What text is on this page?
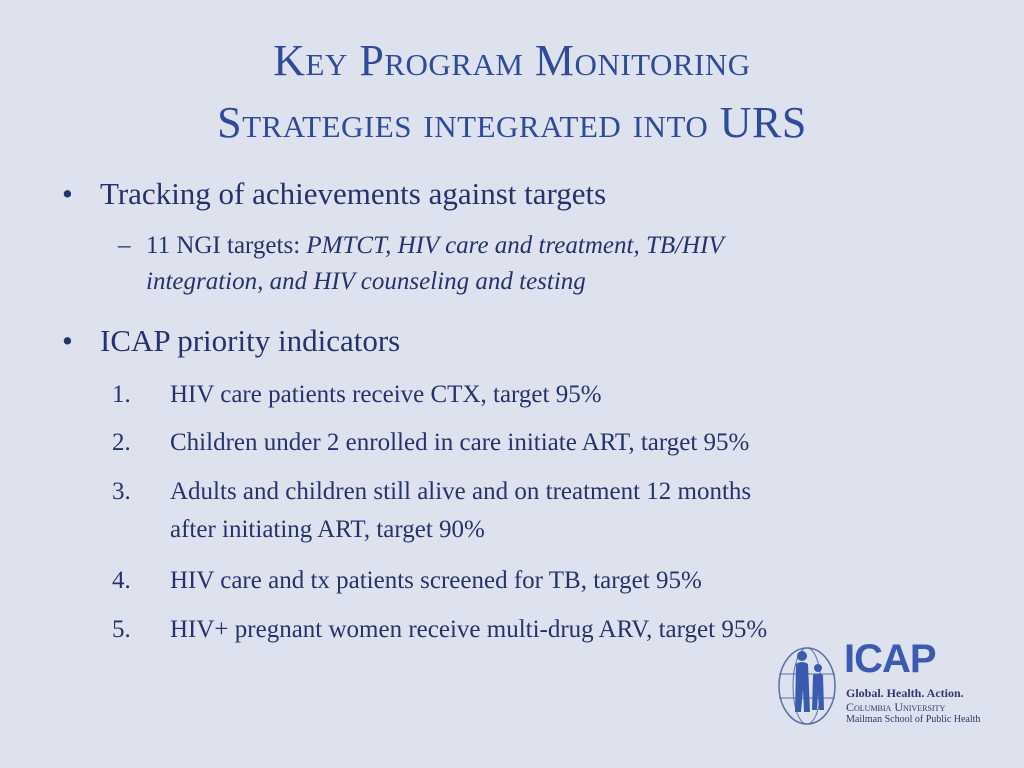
Key Program Monitoring
Strategies integrated into URS
• Tracking of achievements against targets
– 11 NGI targets: PMTCT, HIV care and treatment, TB/HIV
integration, and HIV counseling and testing
• ICAP priority indicators
1.	HIV care patients receive CTX, target 95%
2.	Children under 2 enrolled in care initiate ART, target 95%
3.	Adults and children still alive and on treatment 12 months
after initiating ART, target 90%
4.	HIV care and tx patients screened for TB, target 95%
5.	HIV+ pregnant women receive multi-drug ARV, target 95%
ICAP
Global. Health. Action.
Columbia University
Mailman School of Public Health
